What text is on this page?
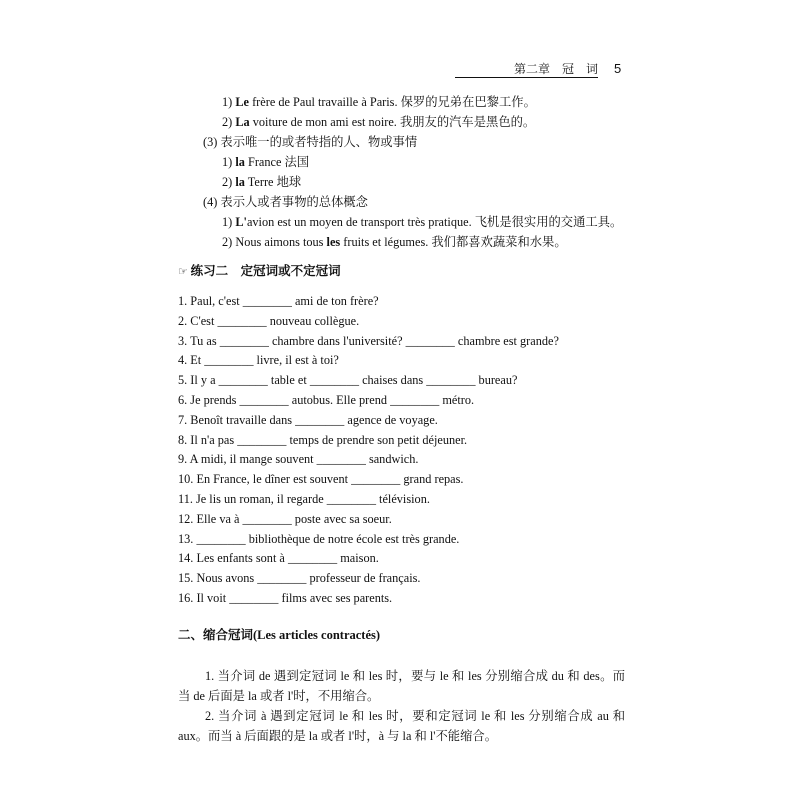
第二章　冠　词 5
1) Le frère de Paul travaille à Paris. 保罗的兄弟在巴黎工作。
2) La voiture de mon ami est noire. 我朋友的汽车是黑色的。
(3) 表示唯一的或者特指的人、物或事情
1) la France 法国
2) la Terre 地球
(4) 表示人或者事物的总体概念
1) L'avion est un moyen de transport très pratique. 飞机是很实用的交通工具。
2) Nous aimons tous les fruits et légumes. 我们都喜欢蔬菜和水果。
☞ 练习二　定冠词或不定冠词
1. Paul, c'est ________ ami de ton frère?
2. C'est ________ nouveau collègue.
3. Tu as ________ chambre dans l'université? ________ chambre est grande?
4. Et ________ livre, il est à toi?
5. Il y a ________ table et ________ chaises dans ________ bureau?
6. Je prends ________ autobus. Elle prend ________ métro.
7. Benoît travaille dans ________ agence de voyage.
8. Il n'a pas ________ temps de prendre son petit déjeuner.
9. A midi, il mange souvent ________ sandwich.
10. En France, le dîner est souvent ________ grand repas.
11. Je lis un roman, il regarde ________ télévision.
12. Elle va à ________ poste avec sa soeur.
13. ________ bibliothèque de notre école est très grande.
14. Les enfants sont à ________ maison.
15. Nous avons ________ professeur de français.
16. Il voit ________ films avec ses parents.
二、缩合冠词(Les articles contractés)
1. 当介词 de 遇到定冠词 le 和 les 时，要与 le 和 les 分别缩合成 du 和 des。而当 de 后面是 la 或者 l'时，不用缩合。
2. 当介词 à 遇到定冠词 le 和 les 时，要和定冠词 le 和 les 分别缩合成 au 和 aux。而当 à 后面跟的是 la 或者 l'时，à 与 la 和 l'不能缩合。
